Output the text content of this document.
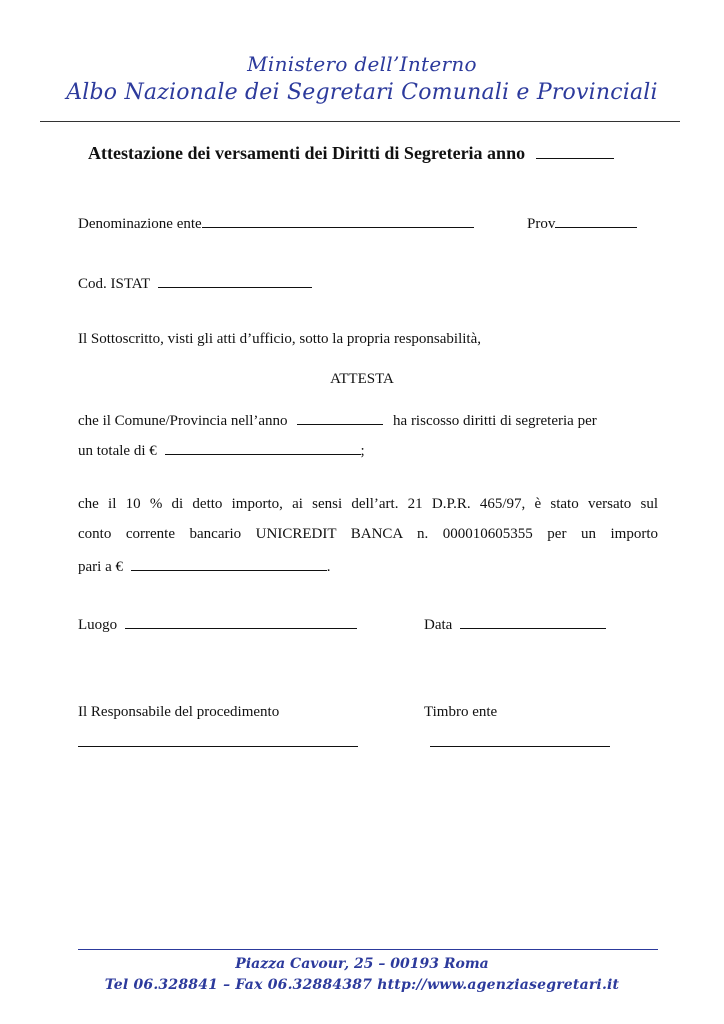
Ministero dell’Interno
Albo Nazionale dei Segretari Comunali e Provinciali
Attestazione dei versamenti dei Diritti di Segreteria anno
Denominazione ente	Prov
Cod. ISTAT
Il Sottoscritto, visti gli atti d’ufficio, sotto la propria responsabilità,
ATTESTA
che il Comune/Provincia nell’anno	ha riscosso diritti di segreteria per
un totale di €	;
che il 10 % di detto importo, ai sensi dell’art. 21 D.P.R. 465/97, è stato versato sul
conto corrente bancario UNICREDIT BANCA n. 000010605355 per un importo
pari a €	.
Luogo	Data
Il Responsabile del procedimento	Timbro ente
Piazza Cavour, 25 – 00193 Roma
Tel 06.328841 – Fax 06.32884387 http://www.agenziasegretari.it
